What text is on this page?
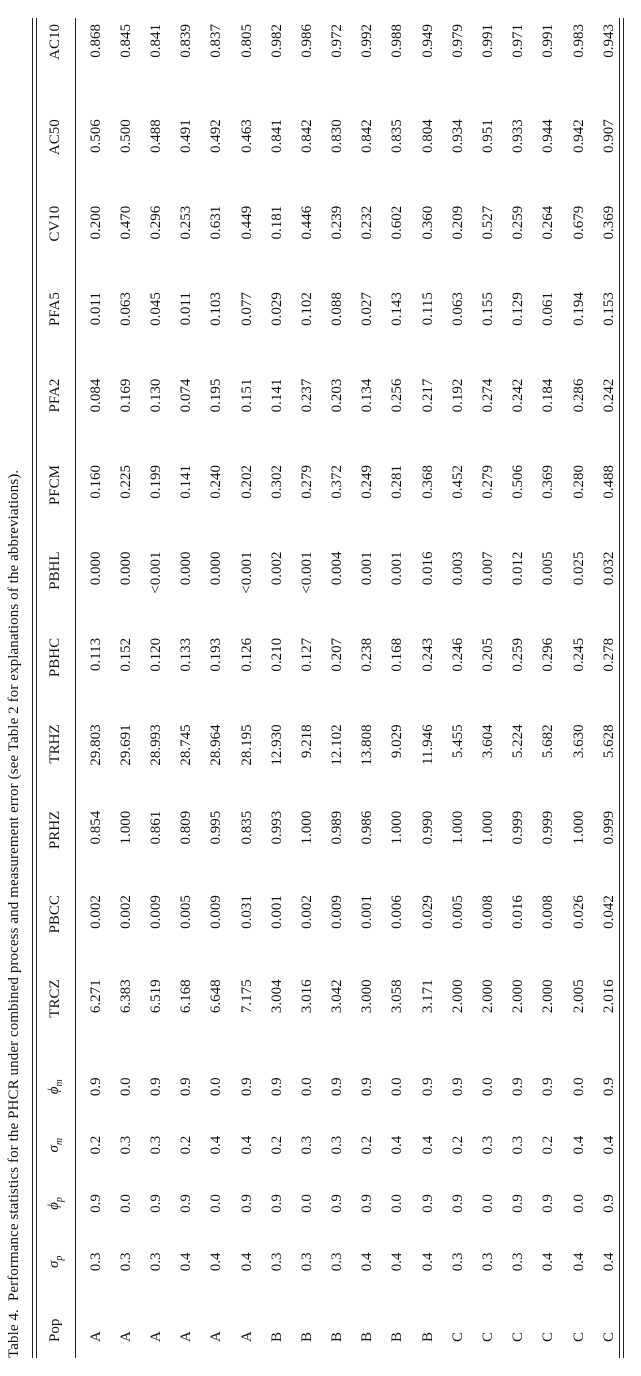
Table 4.Performance statistics for the PHCR under combined process and measurement error (see Table 2 for explanations of the abbreviations).
Pop	$\sigma_p$	$\phi_p$	$\sigma_m$	$\phi_m$	TRCZ	PBCC	PRHZ	TRHZ	PBHC	PBHL	PFCM	PFA2	PFA5	CV10	AC50	AC10
A	0.3	0.9	0.2	0.9	6.271	0.002	0.854	29.803	0.113	0.000	0.160	0.084	0.011	0.200	0.506	0.868
A	0.3	0.0	0.3	0.0	6.383	0.002	1.000	29.691	0.152	0.000	0.225	0.169	0.063	0.470	0.500	0.845
A	0.3	0.9	0.3	0.9	6.519	0.009	0.861	28.993	0.120	<0.001	0.199	0.130	0.045	0.296	0.488	0.841
A	0.4	0.9	0.2	0.9	6.168	0.005	0.809	28.745	0.133	0.000	0.141	0.074	0.011	0.253	0.491	0.839
A	0.4	0.0	0.4	0.0	6.648	0.009	0.995	28.964	0.193	0.000	0.240	0.195	0.103	0.631	0.492	0.837
A	0.4	0.9	0.4	0.9	7.175	0.031	0.835	28.195	0.126	<0.001	0.202	0.151	0.077	0.449	0.463	0.805
B	0.3	0.9	0.2	0.9	3.004	0.001	0.993	12.930	0.210	0.002	0.302	0.141	0.029	0.181	0.841	0.982
B	0.3	0.0	0.3	0.0	3.016	0.002	1.000	9.218	0.127	<0.001	0.279	0.237	0.102	0.446	0.842	0.986
B	0.3	0.9	0.3	0.9	3.042	0.009	0.989	12.102	0.207	0.004	0.372	0.203	0.088	0.239	0.830	0.972
B	0.4	0.9	0.2	0.9	3.000	0.001	0.986	13.808	0.238	0.001	0.249	0.134	0.027	0.232	0.842	0.992
B	0.4	0.0	0.4	0.0	3.058	0.006	1.000	9.029	0.168	0.001	0.281	0.256	0.143	0.602	0.835	0.988
B	0.4	0.9	0.4	0.9	3.171	0.029	0.990	11.946	0.243	0.016	0.368	0.217	0.115	0.360	0.804	0.949
C	0.3	0.9	0.2	0.9	2.000	0.005	1.000	5.455	0.246	0.003	0.452	0.192	0.063	0.209	0.934	0.979
C	0.3	0.0	0.3	0.0	2.000	0.008	1.000	3.604	0.205	0.007	0.279	0.274	0.155	0.527	0.951	0.991
C	0.3	0.9	0.3	0.9	2.000	0.016	0.999	5.224	0.259	0.012	0.506	0.242	0.129	0.259	0.933	0.971
C	0.4	0.9	0.2	0.9	2.000	0.008	0.999	5.682	0.296	0.005	0.369	0.184	0.061	0.264	0.944	0.991
C	0.4	0.0	0.4	0.0	2.005	0.026	1.000	3.630	0.245	0.025	0.280	0.286	0.194	0.679	0.942	0.983
C	0.4	0.9	0.4	0.9	2.016	0.042	0.999	5.628	0.278	0.032	0.488	0.242	0.153	0.369	0.907	0.943
